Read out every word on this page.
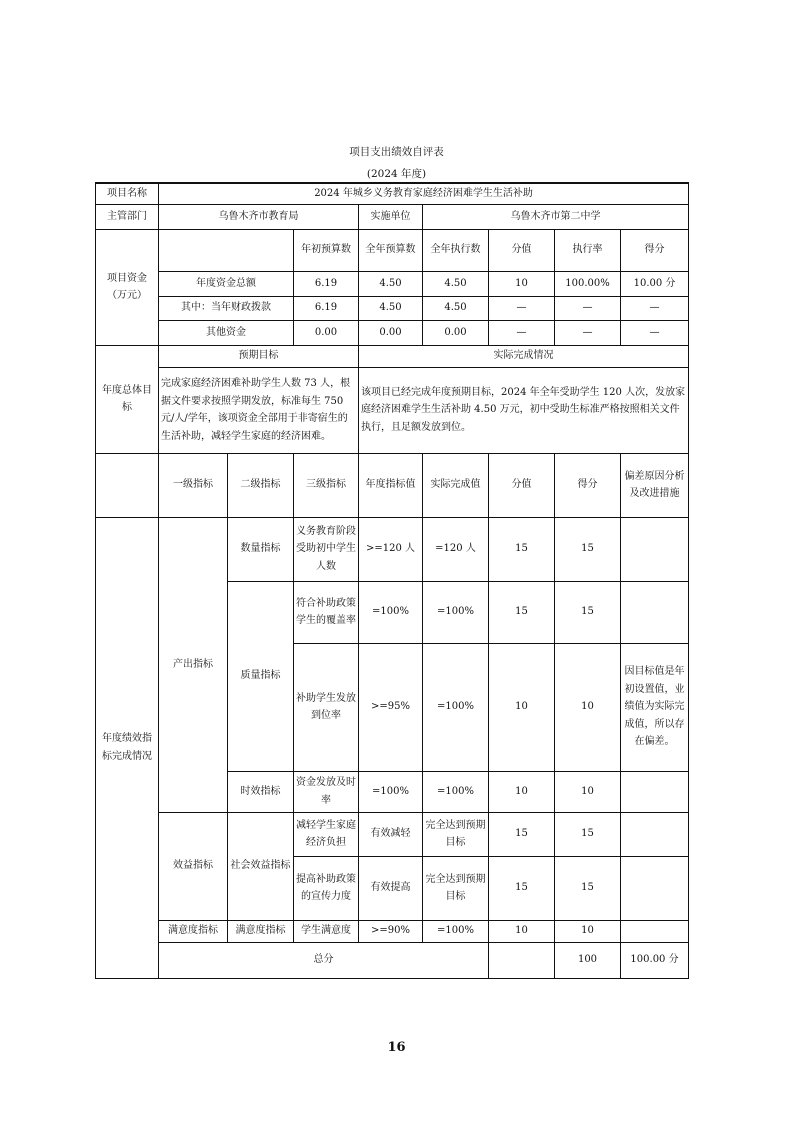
项目支出绩效自评表
(2024 年度)
项目名称	2024 年城乡义务教育家庭经济困难学生生活补助								
主管部门	乌鲁木齐市教育局			实施单位	乌鲁木齐市第二中学				
项目资金（万元）			年初预算数	全年预算数	全年执行数	分值	执行率	得分	
	年度资金总额		6.19	4.50	4.50	10	100.00%	10.00 分	
	其中：当年财政拨款		6.19	4.50	4.50	—	—	—	
	其他资金		0.00	0.00	0.00	—	—	—	
年度总体目标	预期目标			实际完成情况					
	完成家庭经济困难补助学生人数 73 人，根据文件要求按照学期发放，标准每生 750 元/人/学年，该项资金全部用于非寄宿生的生活补助，减轻学生家庭的经济困难。			该项目已经完成年度预期目标，2024 年全年受助学生 120 人次，发放家庭经济困难学生生活补助 4.50 万元，初中受助生标准严格按照相关文件执行，且足额发放到位。					
	一级指标	二级指标	三级指标	年度指标值	实际完成值	分值	得分	偏差原因分析及改进措施	
年度绩效指标完成情况	产出指标	数量指标	义务教育阶段受助初中学生人数	>=120 人	=120 人	15	15		
		质量指标	符合补助政策学生的覆盖率	=100%	=100%	15	15		
			补助学生发放到位率	>=95%	=100%	10	10	因目标值是年初设置值，业绩值为实际完成值，所以存在偏差。	
		时效指标	资金发放及时率	=100%	=100%	10	10		
	效益指标	社会效益指标	减轻学生家庭经济负担	有效减轻	完全达到预期目标	15	15		
			提高补助政策的宣传力度	有效提高	完全达到预期目标	15	15		
	满意度指标	满意度指标	学生满意度	>=90%	=100%	10	10		
	总分						100	100.00 分	
16
